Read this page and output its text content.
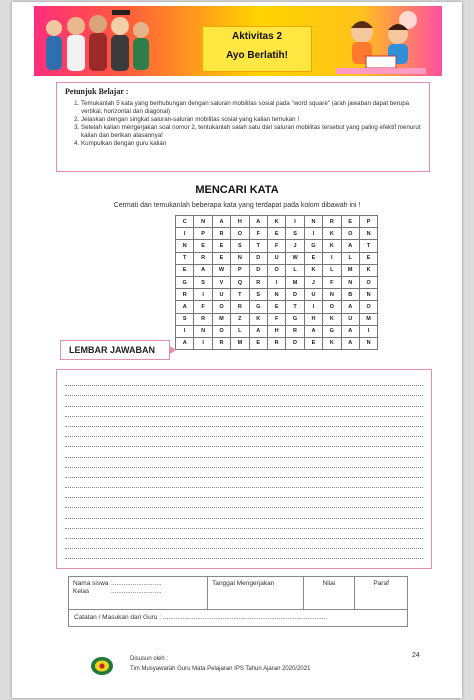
Aktivitas 2
Ayo Berlatih!
Petunjuk Belajar :
1. Temukanlah 5 kata yang berhubungan dengan saluran mobilitas sosial pada "word square" (arah jawaban dapat berupa vertikal, horizontal dan diagonal)
2. Jelaskan dengan singkat saluran-saluran mobilitas sosial yang kalian temukan !
3. Setelah kalian mengerjakan soal nomor 2, tentukanlah salah satu dari saluran mobilitas tersebut yang paling efektif menurut kalian dan berikan alasannya!
4. Kumpulkan dengan guru kalian
MENCARI KATA
Cermati dan temukanlah beberapa kata yang terdapat pada kolom dibawah ini !
C	N	A	H	A	K	I	N	R	E	P
I	P	R	O	F	E	S	I	K	O	N
N	E	E	S	T	F	J	G	K	A	T
T	R	E	N	D	U	W	E	I	L	E
E	A	W	P	D	O	L	K	L	M	K
G	S	V	Q	R	I	M	J	F	N	O
R	I	U	T	S	N	D	U	N	B	N
A	F	O	R	G	E	T	I	O	A	O
S	R	M	Z	K	F	G	H	K	U	M
I	N	O	L	A	H	R	A	G	A	I
A	I	R	M	E	R	D	E	K	A	N
LEMBAR JAWABAN
Nama siswa :...........................
Kelas	:...........................
Tanggal Mengerjakan	Nilai	Paraf
Catatan / Masukan dari Guru : ...........................................................................................
Disusun oleh :
Tim Musyawarah Guru Mata Pelajaran IPS Tahun Ajaran 2020/2021
24
